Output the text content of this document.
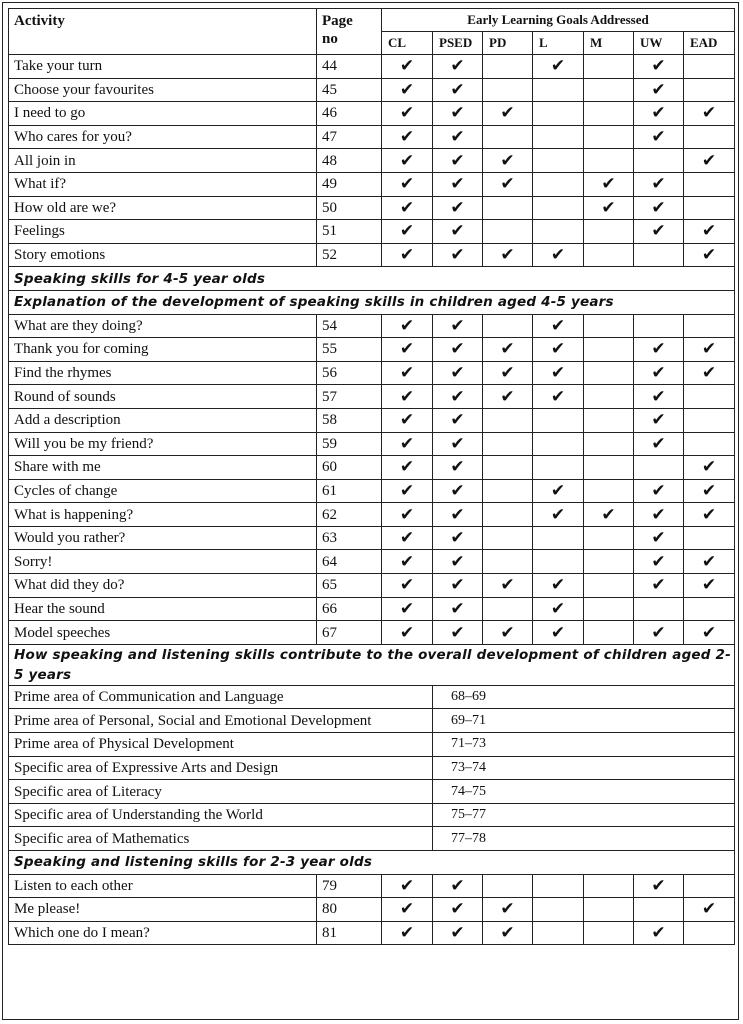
Activity	Page
no	Early Learning Goals Addressed						
		CL	PSED	PD	L	M	UW	EAD
Take your turn	44	✔	✔		✔		✔	
Choose your favourites	45	✔	✔				✔	
I need to go	46	✔	✔	✔			✔	✔
Who cares for you?	47	✔	✔				✔	
All join in	48	✔	✔	✔				✔
What if?	49	✔	✔	✔		✔	✔	
How old are we?	50	✔	✔			✔	✔	
Feelings	51	✔	✔				✔	✔
Story emotions	52	✔	✔	✔	✔			✔
Speaking skills for 4-5 year olds								
Explanation of the development of speaking skills in children aged 4-5 years								
What are they doing?	54	✔	✔		✔			
Thank you for coming	55	✔	✔	✔	✔		✔	✔
Find the rhymes	56	✔	✔	✔	✔		✔	✔
Round of sounds	57	✔	✔	✔	✔		✔	
Add a description	58	✔	✔				✔	
Will you be my friend?	59	✔	✔				✔	
Share with me	60	✔	✔					✔
Cycles of change	61	✔	✔		✔		✔	✔
What is happening?	62	✔	✔		✔	✔	✔	✔
Would you rather?	63	✔	✔				✔	
Sorry!	64	✔	✔				✔	✔
What did they do?	65	✔	✔	✔	✔		✔	✔
Hear the sound	66	✔	✔		✔			
Model speeches	67	✔	✔	✔	✔		✔	✔
How speaking and listening skills contribute to the overall development of children aged 2-5 years								
Prime area of Communication and Language			68–69					
Prime area of Personal, Social and Emotional Development			69–71					
Prime area of Physical Development			71–73					
Specific area of Expressive Arts and Design			73–74					
Specific area of Literacy			74–75					
Specific area of Understanding the World			75–77					
Specific area of Mathematics			77–78					
Speaking and listening skills for 2-3 year olds								
Listen to each other	79	✔	✔				✔	
Me please!	80	✔	✔	✔				✔
Which one do I mean?	81	✔	✔	✔			✔	
